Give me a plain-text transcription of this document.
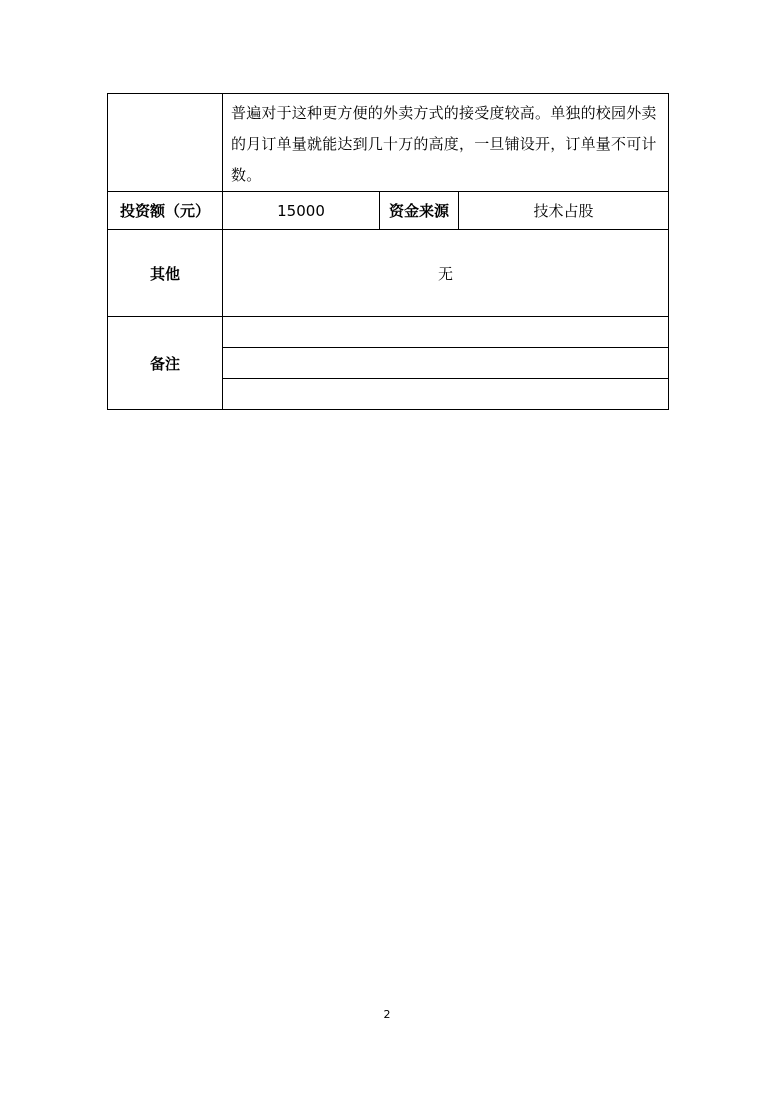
	普遍对于这种更方便的外卖方式的接受度较高。单独的校园外卖的月订单量就能达到几十万的高度，一旦铺设开，订单量不可计数。		
投资额（元）	15000	资金来源	技术占股
其他	无		
备注			

2
